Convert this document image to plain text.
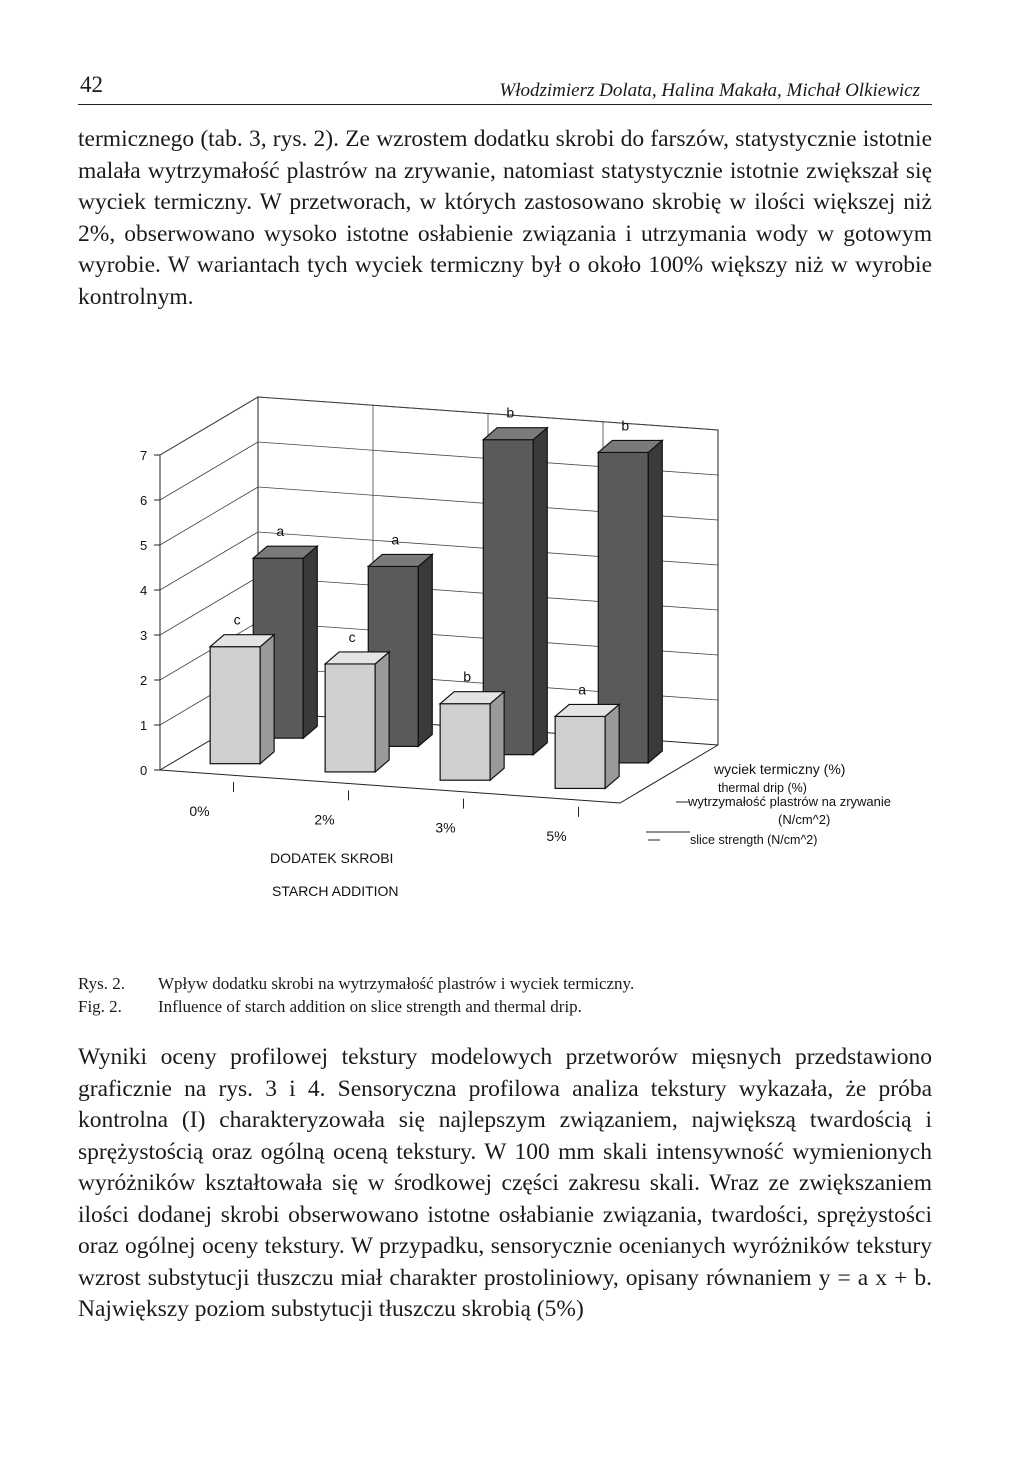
42	Włodzimierz Dolata, Halina Makała, Michał Olkiewicz

termicznego (tab. 3, rys. 2). Ze wzrostem dodatku skrobi do farszów, statystycznie istotnie malała wytrzymałość plastrów na zrywanie, natomiast statystycznie istotnie zwiększał się wyciek termiczny. W przetworach, w których zastosowano skrobię w ilości większej niż 2%, obserwowano wysoko istotne osłabienie związania i utrzymania wody w gotowym wyrobie. W wariantach tych wyciek termiczny był o około 100% większy niż w wyrobie kontrolnym.

DODATEK SKROBI
STARCH ADDITION
wyciek termiczny (%)
thermal drip (%)
wytrzymałość plastrów na zrywanie
(N/cm^2)
slice strength (N/cm^2)
0
1
2
3
4
5
6
7
a
a
b
b
c
c
b
a
0%
2%
3%
5%

Rys. 2. Wpływ dodatku skrobi na wytrzymałość plastrów i wyciek termiczny.

Fig. 2. Influence of starch addition on slice strength and thermal drip.

Wyniki oceny profilowej tekstury modelowych przetworów mięsnych przedstawiono graficznie na rys. 3 i 4. Sensoryczna profilowa analiza tekstury wykazała, że próba kontrolna (I) charakteryzowała się najlepszym związaniem, największą twardością i sprężystością oraz ogólną oceną tekstury. W 100 mm skali intensywność wymienionych wyróżników kształtowała się w środkowej części zakresu skali. Wraz ze zwiększaniem ilości dodanej skrobi obserwowano istotne osłabianie związania, twardości, sprężystości oraz ogólnej oceny tekstury. W przypadku, sensorycznie ocenianych wyróżników tekstury wzrost substytucji tłuszczu miał charakter prostoliniowy, opisany równaniem y = a x + b. Największy poziom substytucji tłuszczu skrobią (5%)
